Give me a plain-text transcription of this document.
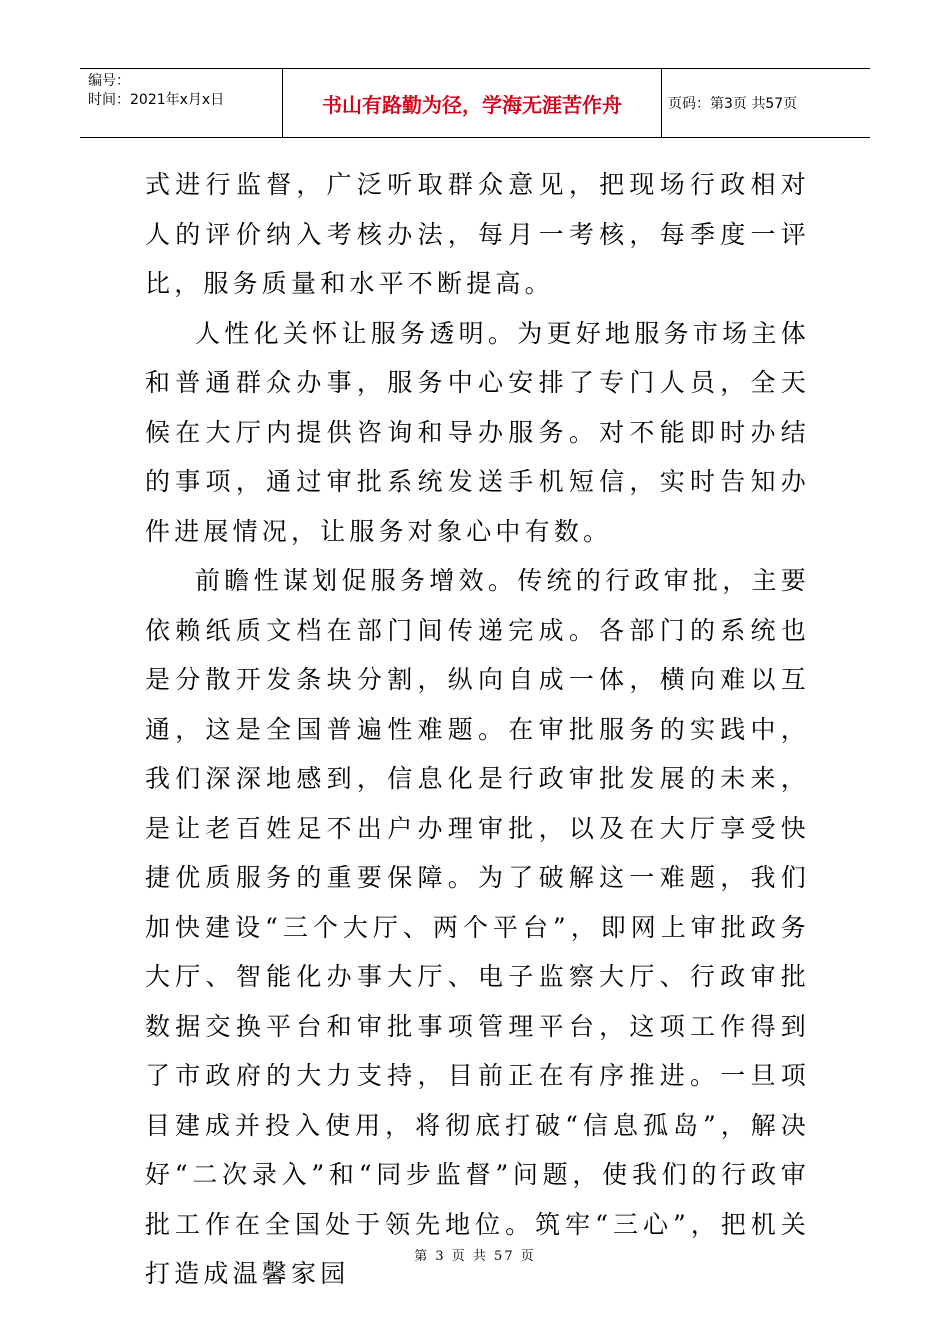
编号：
时间：2021年x月x日	书山有路勤为径，学海无涯苦作舟	页码：第3页 共57页

式进行监督，广泛听取群众意见，把现场行政相对人的评价纳入考核办法，每月一考核，每季度一评比，服务质量和水平不断提高。

人性化关怀让服务透明。为更好地服务市场主体和普通群众办事，服务中心安排了专门人员，全天候在大厅内提供咨询和导办服务。对不能即时办结的事项，通过审批系统发送手机短信，实时告知办件进展情况，让服务对象心中有数。

前瞻性谋划促服务增效。传统的行政审批，主要依赖纸质文档在部门间传递完成。各部门的系统也是分散开发条块分割，纵向自成一体，横向难以互通，这是全国普遍性难题。在审批服务的实践中，我们深深地感到，信息化是行政审批发展的未来，是让老百姓足不出户办理审批，以及在大厅享受快捷优质服务的重要保障。为了破解这一难题，我们加快建设“三个大厅、两个平台”，即网上审批政务大厅、智能化办事大厅、电子监察大厅、行政审批数据交换平台和审批事项管理平台，这项工作得到了市政府的大力支持，目前正在有序推进。一旦项目建成并投入使用，将彻底打破“信息孤岛”，解决好“二次录入”和“同步监督”问题，使我们的行政审批工作在全国处于领先地位。筑牢“三心”，把机关打造成温馨家园

第 3 页 共 57 页
